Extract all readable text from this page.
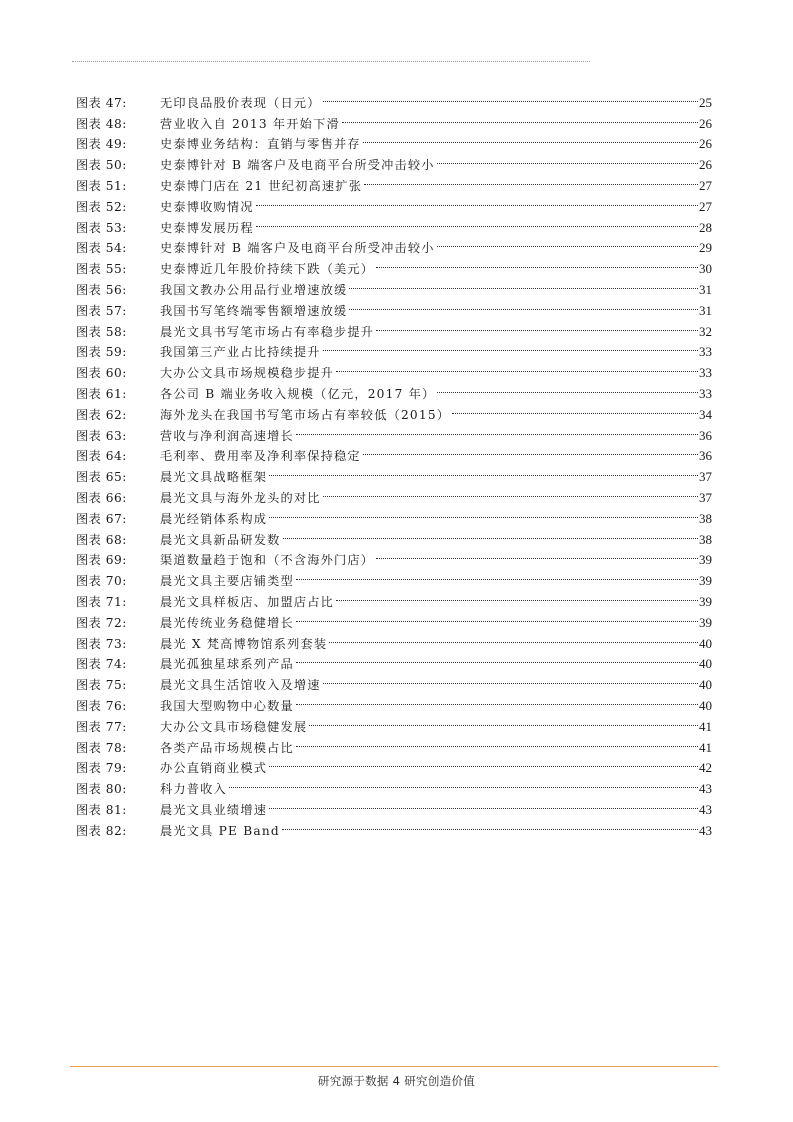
图表 47:	无印良品股价表现（日元）	25
图表 48:	营业收入自 2013 年开始下滑	26
图表 49:	史泰博业务结构：直销与零售并存	26
图表 50:	史泰博针对 B 端客户及电商平台所受冲击较小	26
图表 51:	史泰博门店在 21 世纪初高速扩张	27
图表 52:	史泰博收购情况	27
图表 53:	史泰博发展历程	28
图表 54:	史泰博针对 B 端客户及电商平台所受冲击较小	29
图表 55:	史泰博近几年股价持续下跌（美元）	30
图表 56:	我国文教办公用品行业增速放缓	31
图表 57:	我国书写笔终端零售额增速放缓	31
图表 58:	晨光文具书写笔市场占有率稳步提升	32
图表 59:	我国第三产业占比持续提升	33
图表 60:	大办公文具市场规模稳步提升	33
图表 61:	各公司 B 端业务收入规模（亿元，2017 年）	33
图表 62:	海外龙头在我国书写笔市场占有率较低（2015）	34
图表 63:	营收与净利润高速增长	36
图表 64:	毛利率、费用率及净利率保持稳定	36
图表 65:	晨光文具战略框架	37
图表 66:	晨光文具与海外龙头的对比	37
图表 67:	晨光经销体系构成	38
图表 68:	晨光文具新品研发数	38
图表 69:	渠道数量趋于饱和（不含海外门店）	39
图表 70:	晨光文具主要店铺类型	39
图表 71:	晨光文具样板店、加盟店占比	39
图表 72:	晨光传统业务稳健增长	39
图表 73:	晨光 X 梵高博物馆系列套装	40
图表 74:	晨光孤独星球系列产品	40
图表 75:	晨光文具生活馆收入及增速	40
图表 76:	我国大型购物中心数量	40
图表 77:	大办公文具市场稳健发展	41
图表 78:	各类产品市场规模占比	41
图表 79:	办公直销商业模式	42
图表 80:	科力普收入	43
图表 81:	晨光文具业绩增速	43
图表 82:	晨光文具 PE Band	43
研究源于数据 4 研究创造价值
